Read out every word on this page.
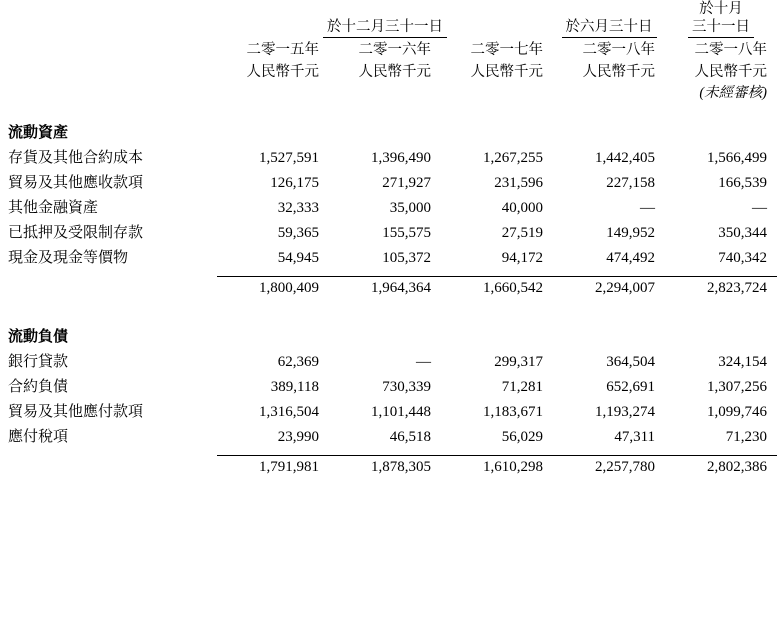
	於十二月三十一日			於六月三十日	於十月
三十一日
	二零一五年	二零一六年	二零一七年	二零一八年	二零一八年
	人民幣千元	人民幣千元	人民幣千元	人民幣千元	人民幣千元
					(未經審核)

流動資產					
存貨及其他合約成本	1,527,591	1,396,490	1,267,255	1,442,405	1,566,499
貿易及其他應收款項	126,175	271,927	231,596	227,158	166,539
其他金融資產	32,333	35,000	40,000	—	—
已抵押及受限制存款	59,365	155,575	27,519	149,952	350,344
現金及現金等價物	54,945	105,372	94,172	474,492	740,342

	1,800,409	1,964,364	1,660,542	2,294,007	2,823,724

流動負債					
銀行貸款	62,369	—	299,317	364,504	324,154
合約負債	389,118	730,339	71,281	652,691	1,307,256
貿易及其他應付款項	1,316,504	1,101,448	1,183,671	1,193,274	1,099,746
應付稅項	23,990	46,518	56,029	47,311	71,230

	1,791,981	1,878,305	1,610,298	2,257,780	2,802,386
